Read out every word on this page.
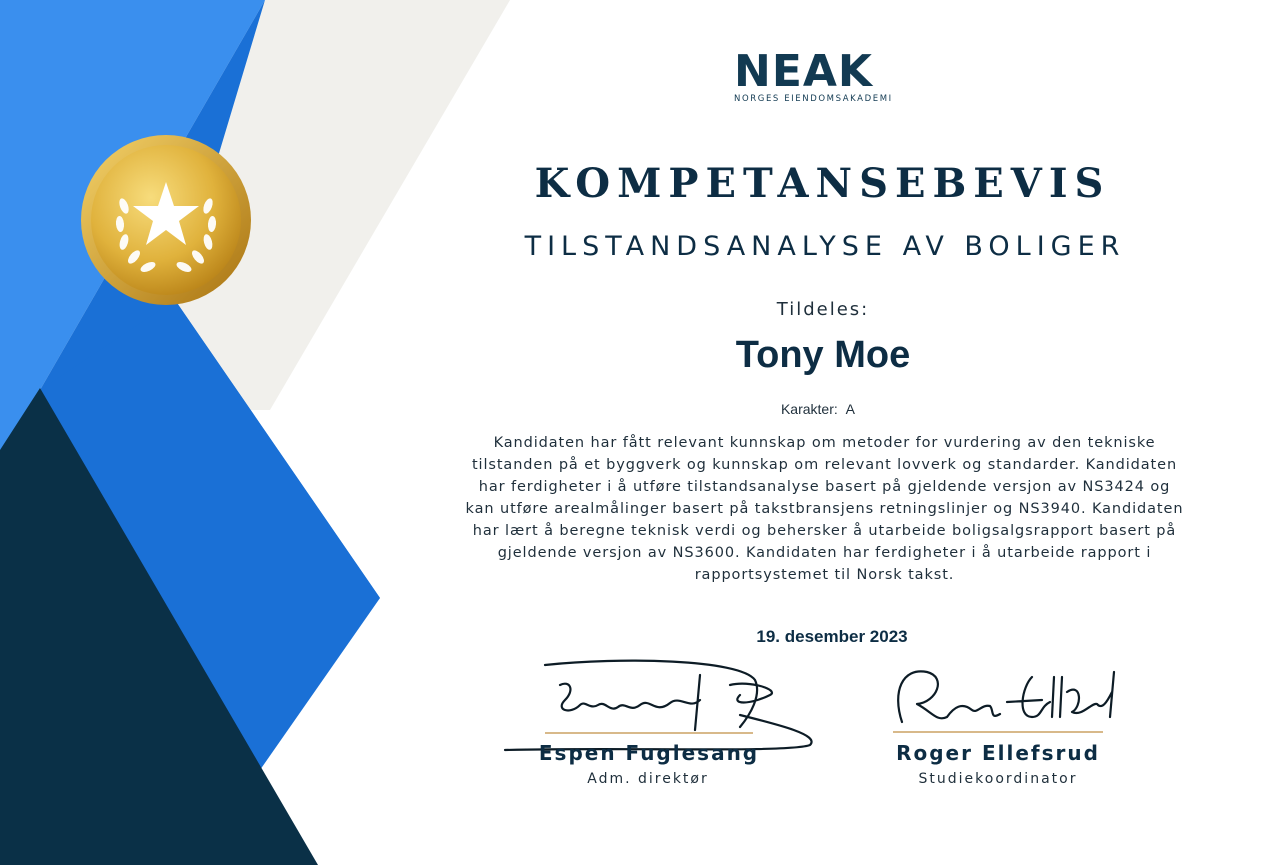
NEAK
NORGES EIENDOMSAKADEMI
KOMPETANSEBEVIS
TILSTANDSANALYSE AV BOLIGER
Tildeles:
Tony Moe
Karakter: A
Kandidaten har fått relevant kunnskap om metoder for vurdering av den tekniske tilstanden på et byggverk og kunnskap om relevant lovverk og standarder. Kandidaten har ferdigheter i å utføre tilstandsanalyse basert på gjeldende versjon av NS3424 og kan utføre arealmålinger basert på takstbransjens retningslinjer og NS3940. Kandidaten har lært å beregne teknisk verdi og behersker å utarbeide boligsalgsrapport basert på gjeldende versjon av NS3600. Kandidaten har ferdigheter i å utarbeide rapport i rapportsystemet til Norsk takst.
19. desember 2023
Espen Fuglesang
Adm. direktør
Roger Ellefsrud
Studiekoordinator
